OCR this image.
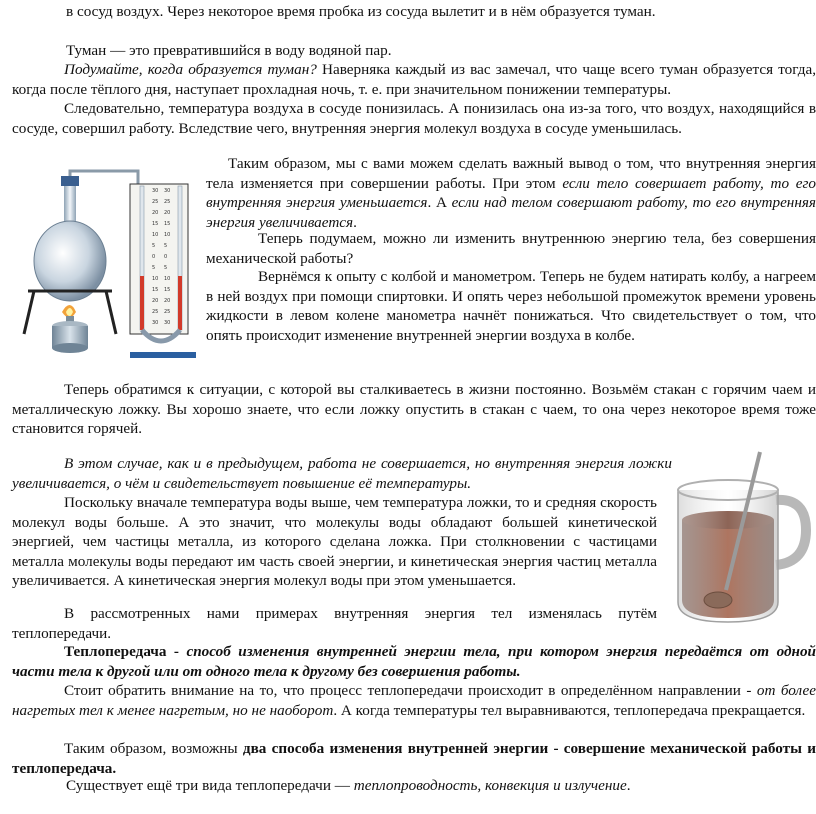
в сосуд воздух. Через некоторое время пробка из сосуда вылетит и в нём образуется туман.
Туман — это превратившийся в воду водяной пар.
Подумайте, когда образуется туман? Наверняка каждый из вас замечал, что чаще всего туман образуется тогда, когда после тёплого дня, наступает прохладная ночь, т. е. при значительном понижении температуры.
Следовательно, температура воздуха в сосуде понизилась. А понизилась она из-за того, что воздух, находящийся в сосуде, совершил работу. Вследствие чего, внутренняя энергия молекул воздуха в сосуде уменьшилась.
30 30
25 25
20 20
15 15
10 10
5 5
0 0
5 5
10 10
15 15
20 20
25 25
30 30
Таким образом, мы с вами можем сделать важный вывод о том, что внутренняя энергия тела изменяется при совершении работы. При этом если тело совершает работу, то его внутренняя энергия уменьшается. А если над телом совершают работу, то его внутренняя энергия увеличивается.
Теперь подумаем, можно ли изменить внутреннюю энергию тела, без совершения механической работы?
Вернёмся к опыту с колбой и манометром. Теперь не будем натирать колбу, а нагреем в ней воздух при помощи спиртовки. И опять через небольшой промежуток времени уровень жидкости в левом колене манометра начнёт понижаться. Что свидетельствует о том, что опять происходит изменение внутренней энергии воздуха в колбе.
Теперь обратимся к ситуации, с которой вы сталкиваетесь в жизни постоянно. Возьмём стакан с горячим чаем и металлическую ложку. Вы хорошо знаете, что если ложку опустить в стакан с чаем, то она через некоторое время тоже становится горячей.
В этом случае, как и в предыдущем, работа не совершается, но внутренняя энергия ложки увеличивается, о чём и свидетельствует повышение её температуры.
Поскольку вначале температура воды выше, чем температура ложки, то и средняя скорость молекул воды больше. А это значит, что молекулы воды обладают большей кинетической энергией, чем частицы металла, из которого сделана ложка. При столкновении с частицами металла молекулы воды передают им часть своей энергии, и кинетическая энергия частиц металла увеличивается. А кинетическая энергия молекул воды при этом уменьшается.
В рассмотренных нами примерах внутренняя энергия тел изменялась путём теплопередачи.
Теплопередача - способ изменения внутренней энергии тела, при котором энергия передаётся от одной части тела к другой или от одного тела к другому без совершения работы.
Стоит обратить внимание на то, что процесс теплопередачи происходит в определённом направлении - от более нагретых тел к менее нагретым, но не наоборот. А когда температуры тел выравниваются, теплопередача прекращается.
Таким образом, возможны два способа изменения внутренней энергии - совершение механической работы и теплопередача.
Существует ещё три вида теплопередачи — теплопроводность, конвекция и излучение.
